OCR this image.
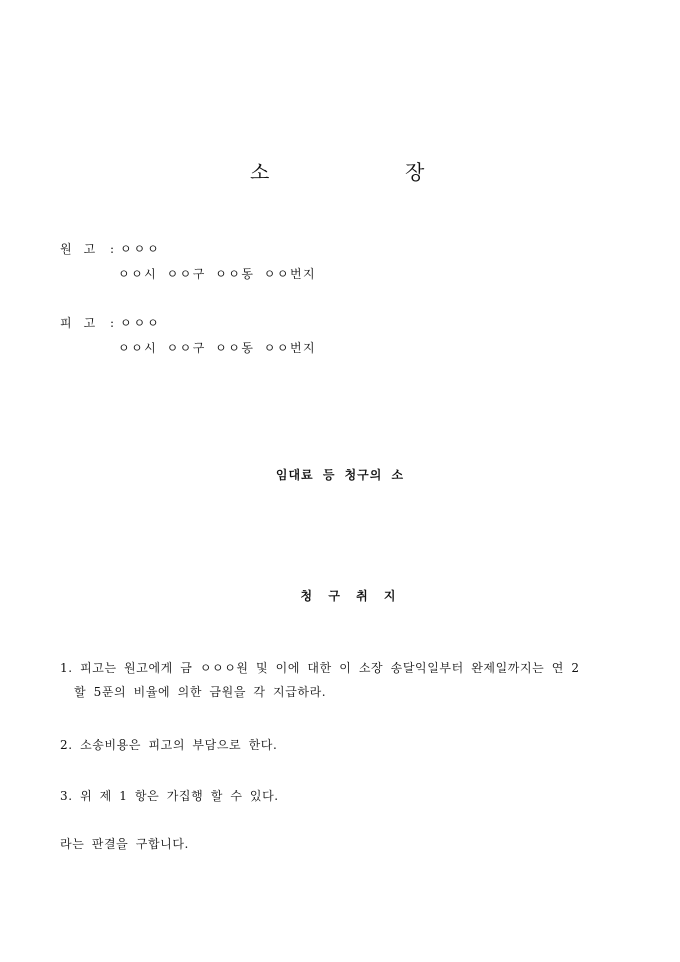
소	장
원고 : ㅇㅇㅇ
ㅇㅇ시 ㅇㅇ구 ㅇㅇ동 ㅇㅇ번지
피고 : ㅇㅇㅇ
ㅇㅇ시 ㅇㅇ구 ㅇㅇ동 ㅇㅇ번지
임대료 등 청구의 소
청 구 취 지
1. 피고는 원고에게 금 ㅇㅇㅇ원 및 이에 대한 이 소장 송달익일부터 완제일까지는 연 2
할 5푼의 비율에 의한 금원을 각 지급하라.
2. 소송비용은 피고의 부담으로 한다.
3. 위 제 1 항은 가집행 할 수 있다.
라는 판결을 구합니다.
